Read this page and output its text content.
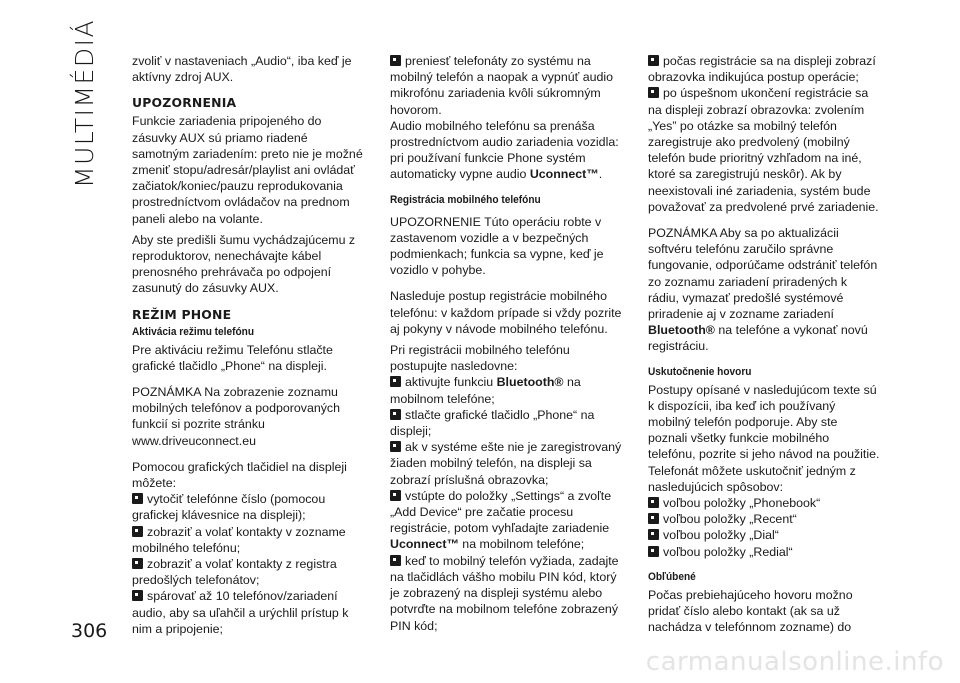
MULTIMÉDIÁ
306
carmanualsonline.info

zvoliť v nastaveniach „Audio“, iba keď je aktívny zdroj AUX.

UPOZORNENIA

Funkcie zariadenia pripojeného do zásuvky AUX sú priamo riadené samotným zariadením: preto nie je možné zmeniť stopu/adresár/playlist ani ovládať začiatok/koniec/pauzu reprodukovania prostredníctvom ovládačov na prednom paneli alebo na volante.

Aby ste predišli šumu vychádzajúcemu z reproduktorov, nenechávajte kábel prenosného prehrávača po odpojení zasunutý do zásuvky AUX.

REŽIM PHONE
Aktivácia režimu telefónu

Pre aktiváciu režimu Telefónu stlačte grafické tlačidlo „Phone“ na displeji.

POZNÁMKA Na zobrazenie zoznamu mobilných telefónov a podporovaných funkcií si pozrite stránku www.driveuconnect.eu

Pomocou grafických tlačidiel na displeji môžete:

vytočiť telefónne číslo (pomocou grafickej klávesnice na displeji);

zobraziť a volať kontakty v zozname mobilného telefónu;

zobraziť a volať kontakty z registra predošlých telefonátov;

spárovať až 10 telefónov/zariadení audio, aby sa uľahčil a urýchlil prístup k nim a pripojenie;

preniesť telefonáty zo systému na mobilný telefón a naopak a vypnúť audio mikrofónu zariadenia kvôli súkromným hovorom.

Audio mobilného telefónu sa prenáša prostredníctvom audio zariadenia vozidla: pri používaní funkcie Phone systém automaticky vypne audio Uconnect™.

Registrácia mobilného telefónu

UPOZORNENIE Túto operáciu robte v zastavenom vozidle a v bezpečných podmienkach; funkcia sa vypne, keď je vozidlo v pohybe.

Nasleduje postup registrácie mobilného telefónu: v každom prípade si vždy pozrite aj pokyny v návode mobilného telefónu.

Pri registrácii mobilného telefónu postupujte nasledovne:

aktivujte funkciu Bluetooth® na mobilnom telefóne;

stlačte grafické tlačidlo „Phone“ na displeji;

ak v systéme ešte nie je zaregistrovaný žiaden mobilný telefón, na displeji sa zobrazí príslušná obrazovka;

vstúpte do položky „Settings“ a zvoľte „Add Device“ pre začatie procesu registrácie, potom vyhľadajte zariadenie Uconnect™ na mobilnom telefóne;

keď to mobilný telefón vyžiada, zadajte na tlačidlách vášho mobilu PIN kód, ktorý je zobrazený na displeji systému alebo potvrďte na mobilnom telefóne zobrazený PIN kód;

počas registrácie sa na displeji zobrazí obrazovka indikujúca postup operácie;

po úspešnom ukončení registrácie sa na displeji zobrazí obrazovka: zvolením „Yes” po otázke sa mobilný telefón zaregistruje ako predvolený (mobilný telefón bude prioritný vzhľadom na iné, ktoré sa zaregistrujú neskôr). Ak by neexistovali iné zariadenia, systém bude považovať za predvolené prvé zariadenie.

POZNÁMKA Aby sa po aktualizácii softvéru telefónu zaručilo správne fungovanie, odporúčame odstrániť telefón zo zoznamu zariadení priradených k rádiu, vymazať predošlé systémové priradenie aj v zozname zariadení Bluetooth® na telefóne a vykonať novú registráciu.

Uskutočnenie hovoru

Postupy opísané v nasledujúcom texte sú k dispozícii, iba keď ich používaný mobilný telefón podporuje. Aby ste poznali všetky funkcie mobilného telefónu, pozrite si jeho návod na použitie.

Telefonát môžete uskutočniť jedným z nasledujúcich spôsobov:

voľbou položky „Phonebook“

voľbou položky „Recent“

voľbou položky „Dial“

voľbou položky „Redial“

Obľúbené

Počas prebiehajúceho hovoru možno pridať číslo alebo kontakt (ak sa už nachádza v telefónnom zozname) do
